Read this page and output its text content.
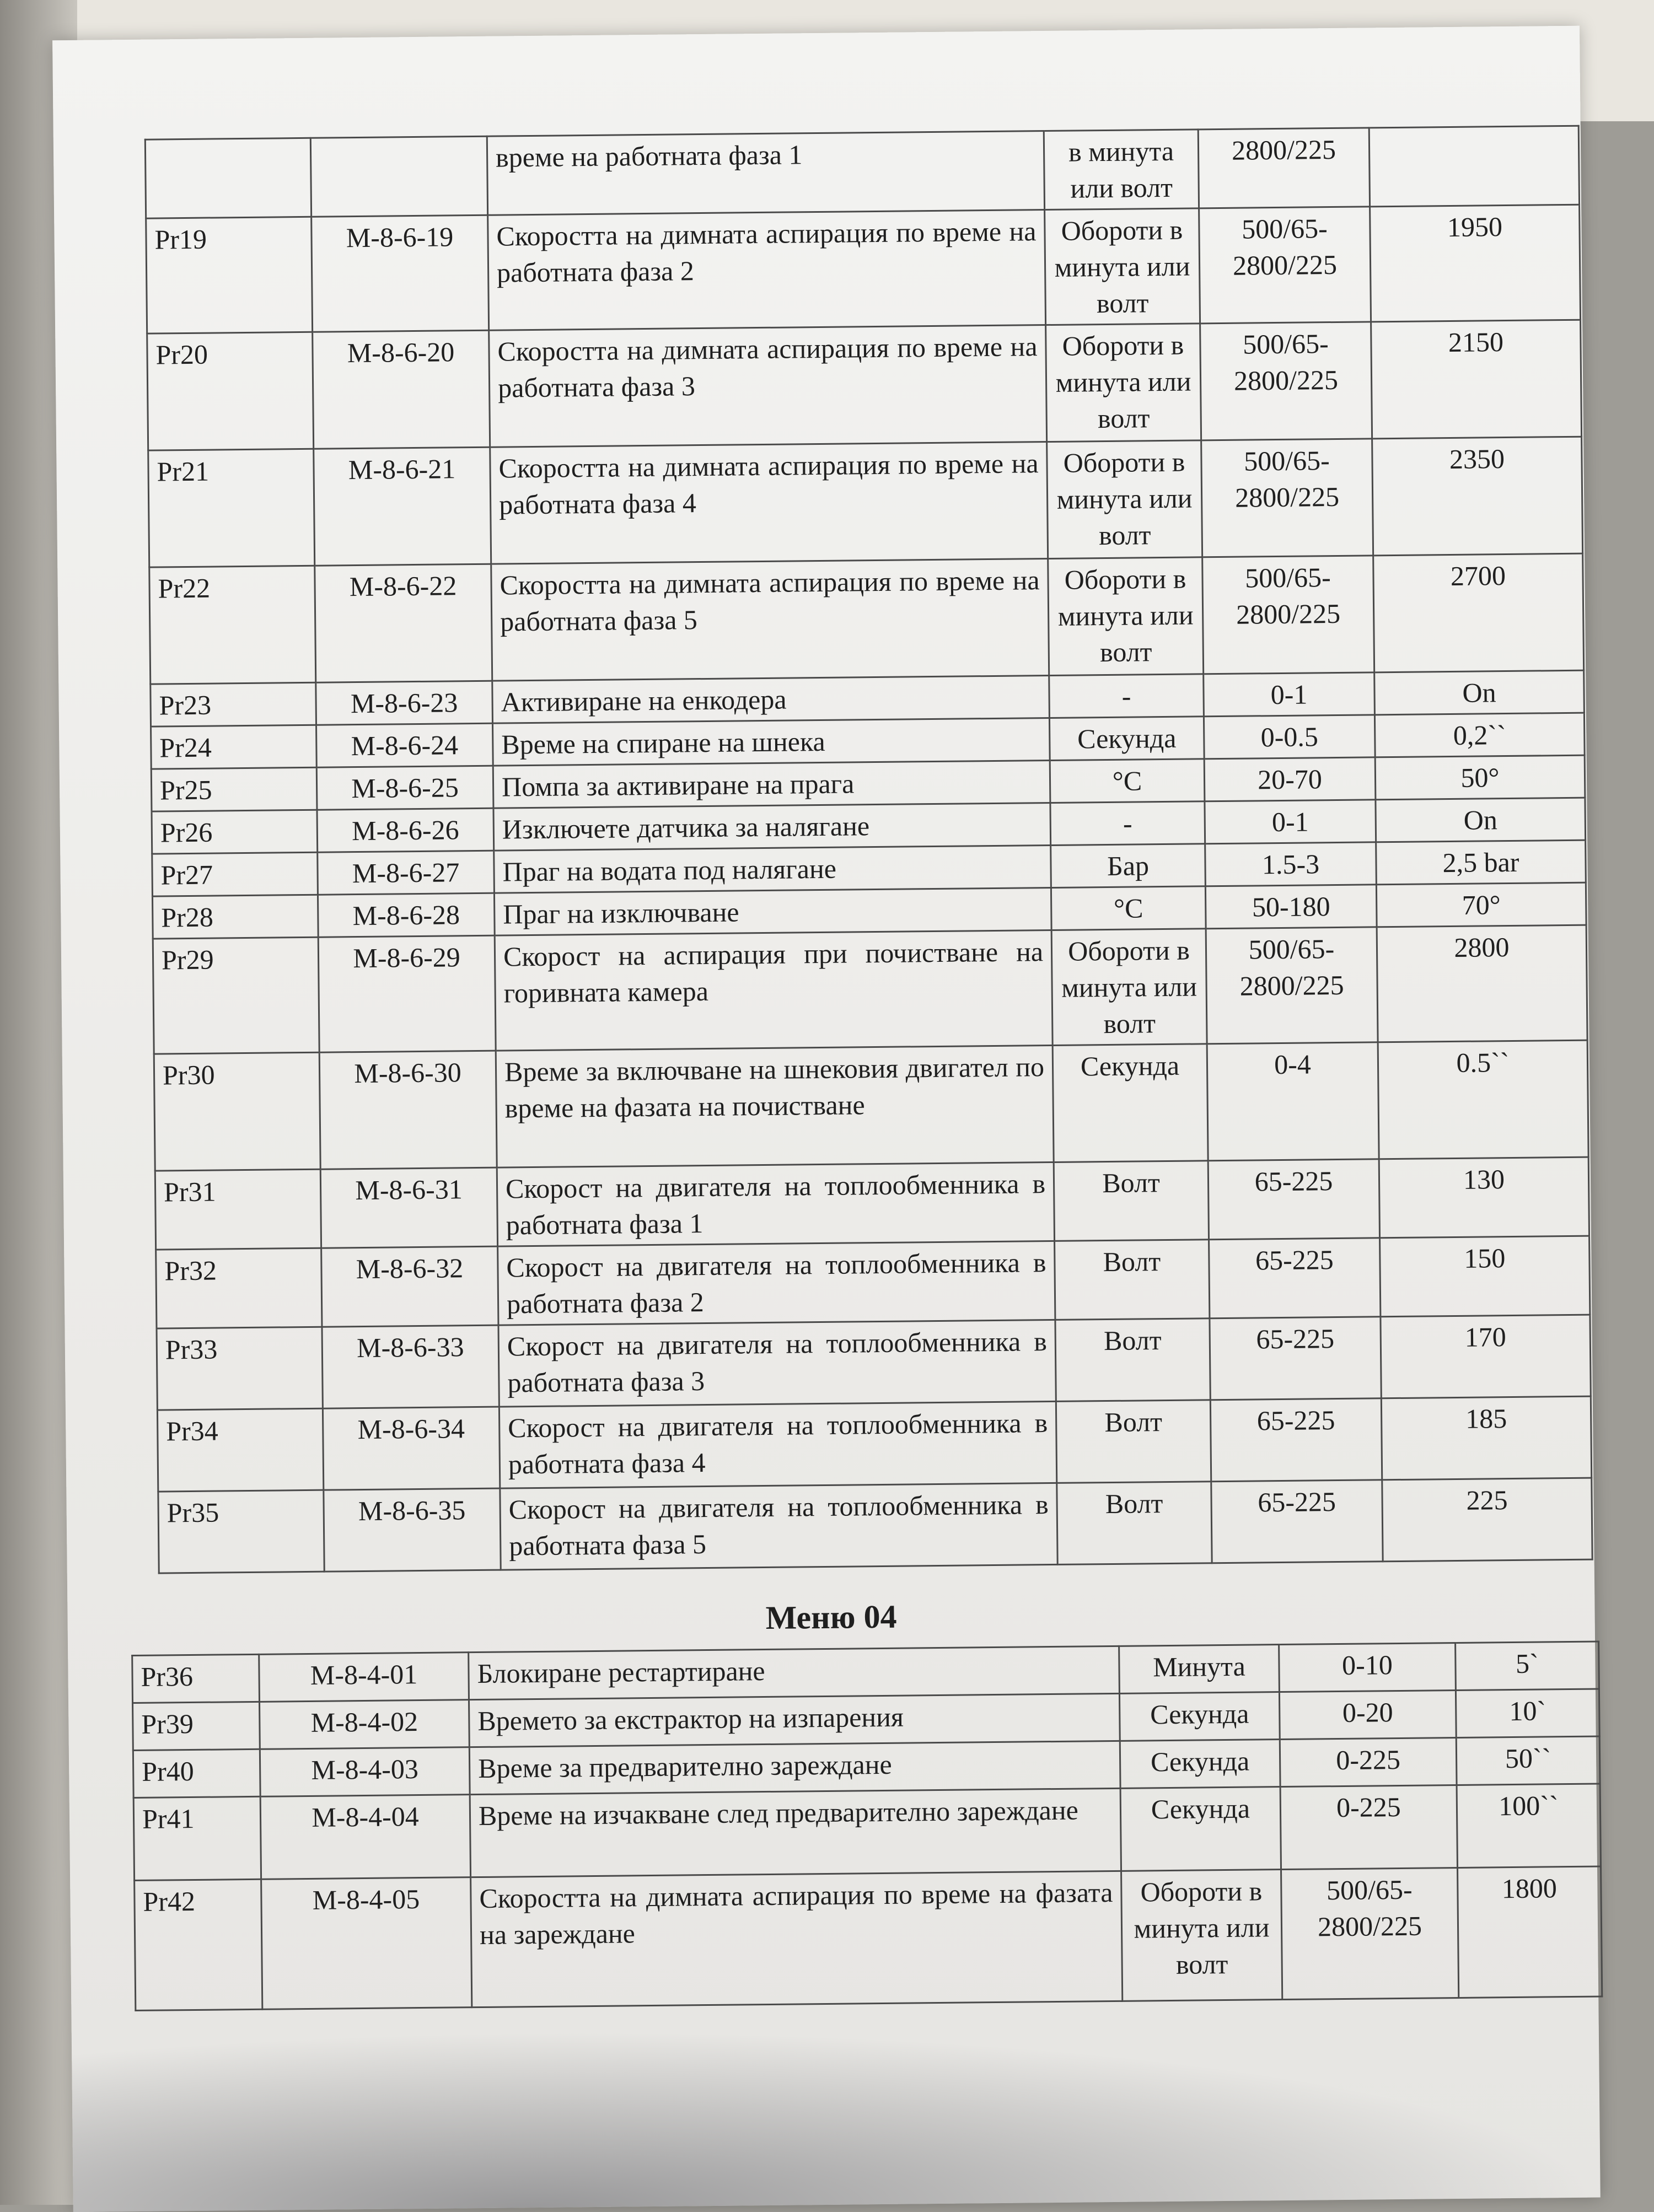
		време на работната фаза 1	в минута или волт	2800/225	
Pr19	M-8-6-19	Скоростта на димната аспирация по време на работната фаза 2	Обороти в минута или волт	500/65-2800/225	1950
Pr20	M-8-6-20	Скоростта на димната аспирация по време на работната фаза 3	Обороти в минута или волт	500/65-2800/225	2150
Pr21	M-8-6-21	Скоростта на димната аспирация по време на работната фаза 4	Обороти в минута или волт	500/65-2800/225	2350
Pr22	M-8-6-22	Скоростта на димната аспирация по време на работната фаза 5	Обороти в минута или волт	500/65-2800/225	2700
Pr23	M-8-6-23	Активиране на енкодера	-	0-1	On
Pr24	M-8-6-24	Време на спиране на шнека	Секунда	0-0.5	0,2``
Pr25	M-8-6-25	Помпа за активиране на прага	°C	20-70	50°
Pr26	M-8-6-26	Изключете датчика за налягане	-	0-1	On
Pr27	M-8-6-27	Праг на водата под налягане	Бар	1.5-3	2,5 bar
Pr28	M-8-6-28	Праг на изключване	°C	50-180	70°
Pr29	M-8-6-29	Скорост на аспирация при почистване на горивната камера	Обороти в минута или волт	500/65-2800/225	2800
Pr30	M-8-6-30	Време за включване на шнековия двигател по време на фазата на почистване	Секунда	0-4	0.5``
Pr31	M-8-6-31	Скорост на двигателя на топлообменника в работната фаза 1	Волт	65-225	130
Pr32	M-8-6-32	Скорост на двигателя на топлообменника в работната фаза 2	Волт	65-225	150
Pr33	M-8-6-33	Скорост на двигателя на топлообменника в работната фаза 3	Волт	65-225	170
Pr34	M-8-6-34	Скорост на двигателя на топлообменника в работната фаза 4	Волт	65-225	185
Pr35	M-8-6-35	Скорост на двигателя на топлообменника в работната фаза 5	Волт	65-225	225
Меню 04
Pr36	M-8-4-01	Блокиране рестартиране	Минута	0-10	5`
Pr39	M-8-4-02	Времето за екстрактор на изпарения	Секунда	0-20	10`
Pr40	M-8-4-03	Време за предварително зареждане	Секунда	0-225	50``
Pr41	M-8-4-04	Време на изчакване след предварително зареждане	Секунда	0-225	100``
Pr42	M-8-4-05	Скоростта на димната аспирация по време на фазата на зареждане	Обороти в минута или волт	500/65-2800/225	1800
